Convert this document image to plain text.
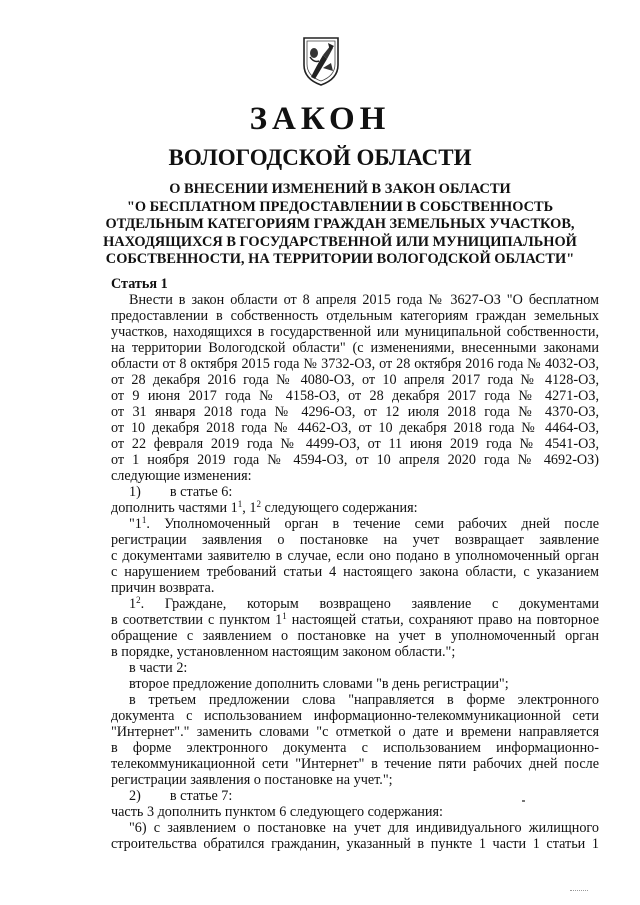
ЗАКОН
ВОЛОГОДСКОЙ ОБЛАСТИ
О ВНЕСЕНИИ ИЗМЕНЕНИЙ В ЗАКОН ОБЛАСТИ
"О БЕСПЛАТНОМ ПРЕДОСТАВЛЕНИИ В СОБСТВЕННОСТЬ
ОТДЕЛЬНЫМ КАТЕГОРИЯМ ГРАЖДАН ЗЕМЕЛЬНЫХ УЧАСТКОВ,
НАХОДЯЩИХСЯ В ГОСУДАРСТВЕННОЙ ИЛИ МУНИЦИПАЛЬНОЙ
СОБСТВЕННОСТИ, НА ТЕРРИТОРИИ ВОЛОГОДСКОЙ ОБЛАСТИ"
Статья 1
Внести в закон области от 8 апреля 2015 года № 3627-ОЗ "О бесплатном
предоставлении в собственность отдельным категориям граждан земельных
участков, находящихся в государственной или муниципальной собственности,
на территории Вологодской области" (с изменениями, внесенными законами
области от 8 октября 2015 года № 3732-ОЗ, от 28 октября 2016 года № 4032-ОЗ,
от 28 декабря 2016 года № 4080-ОЗ, от 10 апреля 2017 года № 4128-ОЗ,
от 9 июня 2017 года № 4158-ОЗ, от 28 декабря 2017 года № 4271-ОЗ,
от 31 января 2018 года № 4296-ОЗ, от 12 июля 2018 года № 4370-ОЗ,
от 10 декабря 2018 года № 4462-ОЗ, от 10 декабря 2018 года № 4464-ОЗ,
от 22 февраля 2019 года № 4499-ОЗ, от 11 июня 2019 года № 4541-ОЗ,
от 1 ноября 2019 года № 4594-ОЗ, от 10 апреля 2020 года № 4692-ОЗ)
следующие изменения:
1) в статье 6:
дополнить частями $1^1$, $1^2$ следующего содержания:
"$1^1$. Уполномоченный орган в течение семи рабочих дней после
регистрации заявления о постановке на учет возвращает заявление
с документами заявителю в случае, если оно подано в уполномоченный орган
с нарушением требований статьи 4 настоящего закона области, с указанием
причин возврата.
$1^2$. Граждане, которым возвращено заявление с документами
в соответствии с пунктом $1^1$ настоящей статьи, сохраняют право на повторное
обращение с заявлением о постановке на учет в уполномоченный орган
в порядке, установленном настоящим законом области.";
в части 2:
второе предложение дополнить словами "в день регистрации";
в третьем предложении слова "направляется в форме электронного
документа с использованием информационно-телекоммуникационной сети
"Интернет"." заменить словами "с отметкой о дате и времени направляется
в форме электронного документа с использованием информационно-
телекоммуникационной сети "Интернет" в течение пяти рабочих дней после
регистрации заявления о постановке на учет.";
2) в статье 7:
часть 3 дополнить пунктом 6 следующего содержания:
"6) с заявлением о постановке на учет для индивидуального жилищного
строительства обратился гражданин, указанный в пункте 1 части 1 статьи 1
